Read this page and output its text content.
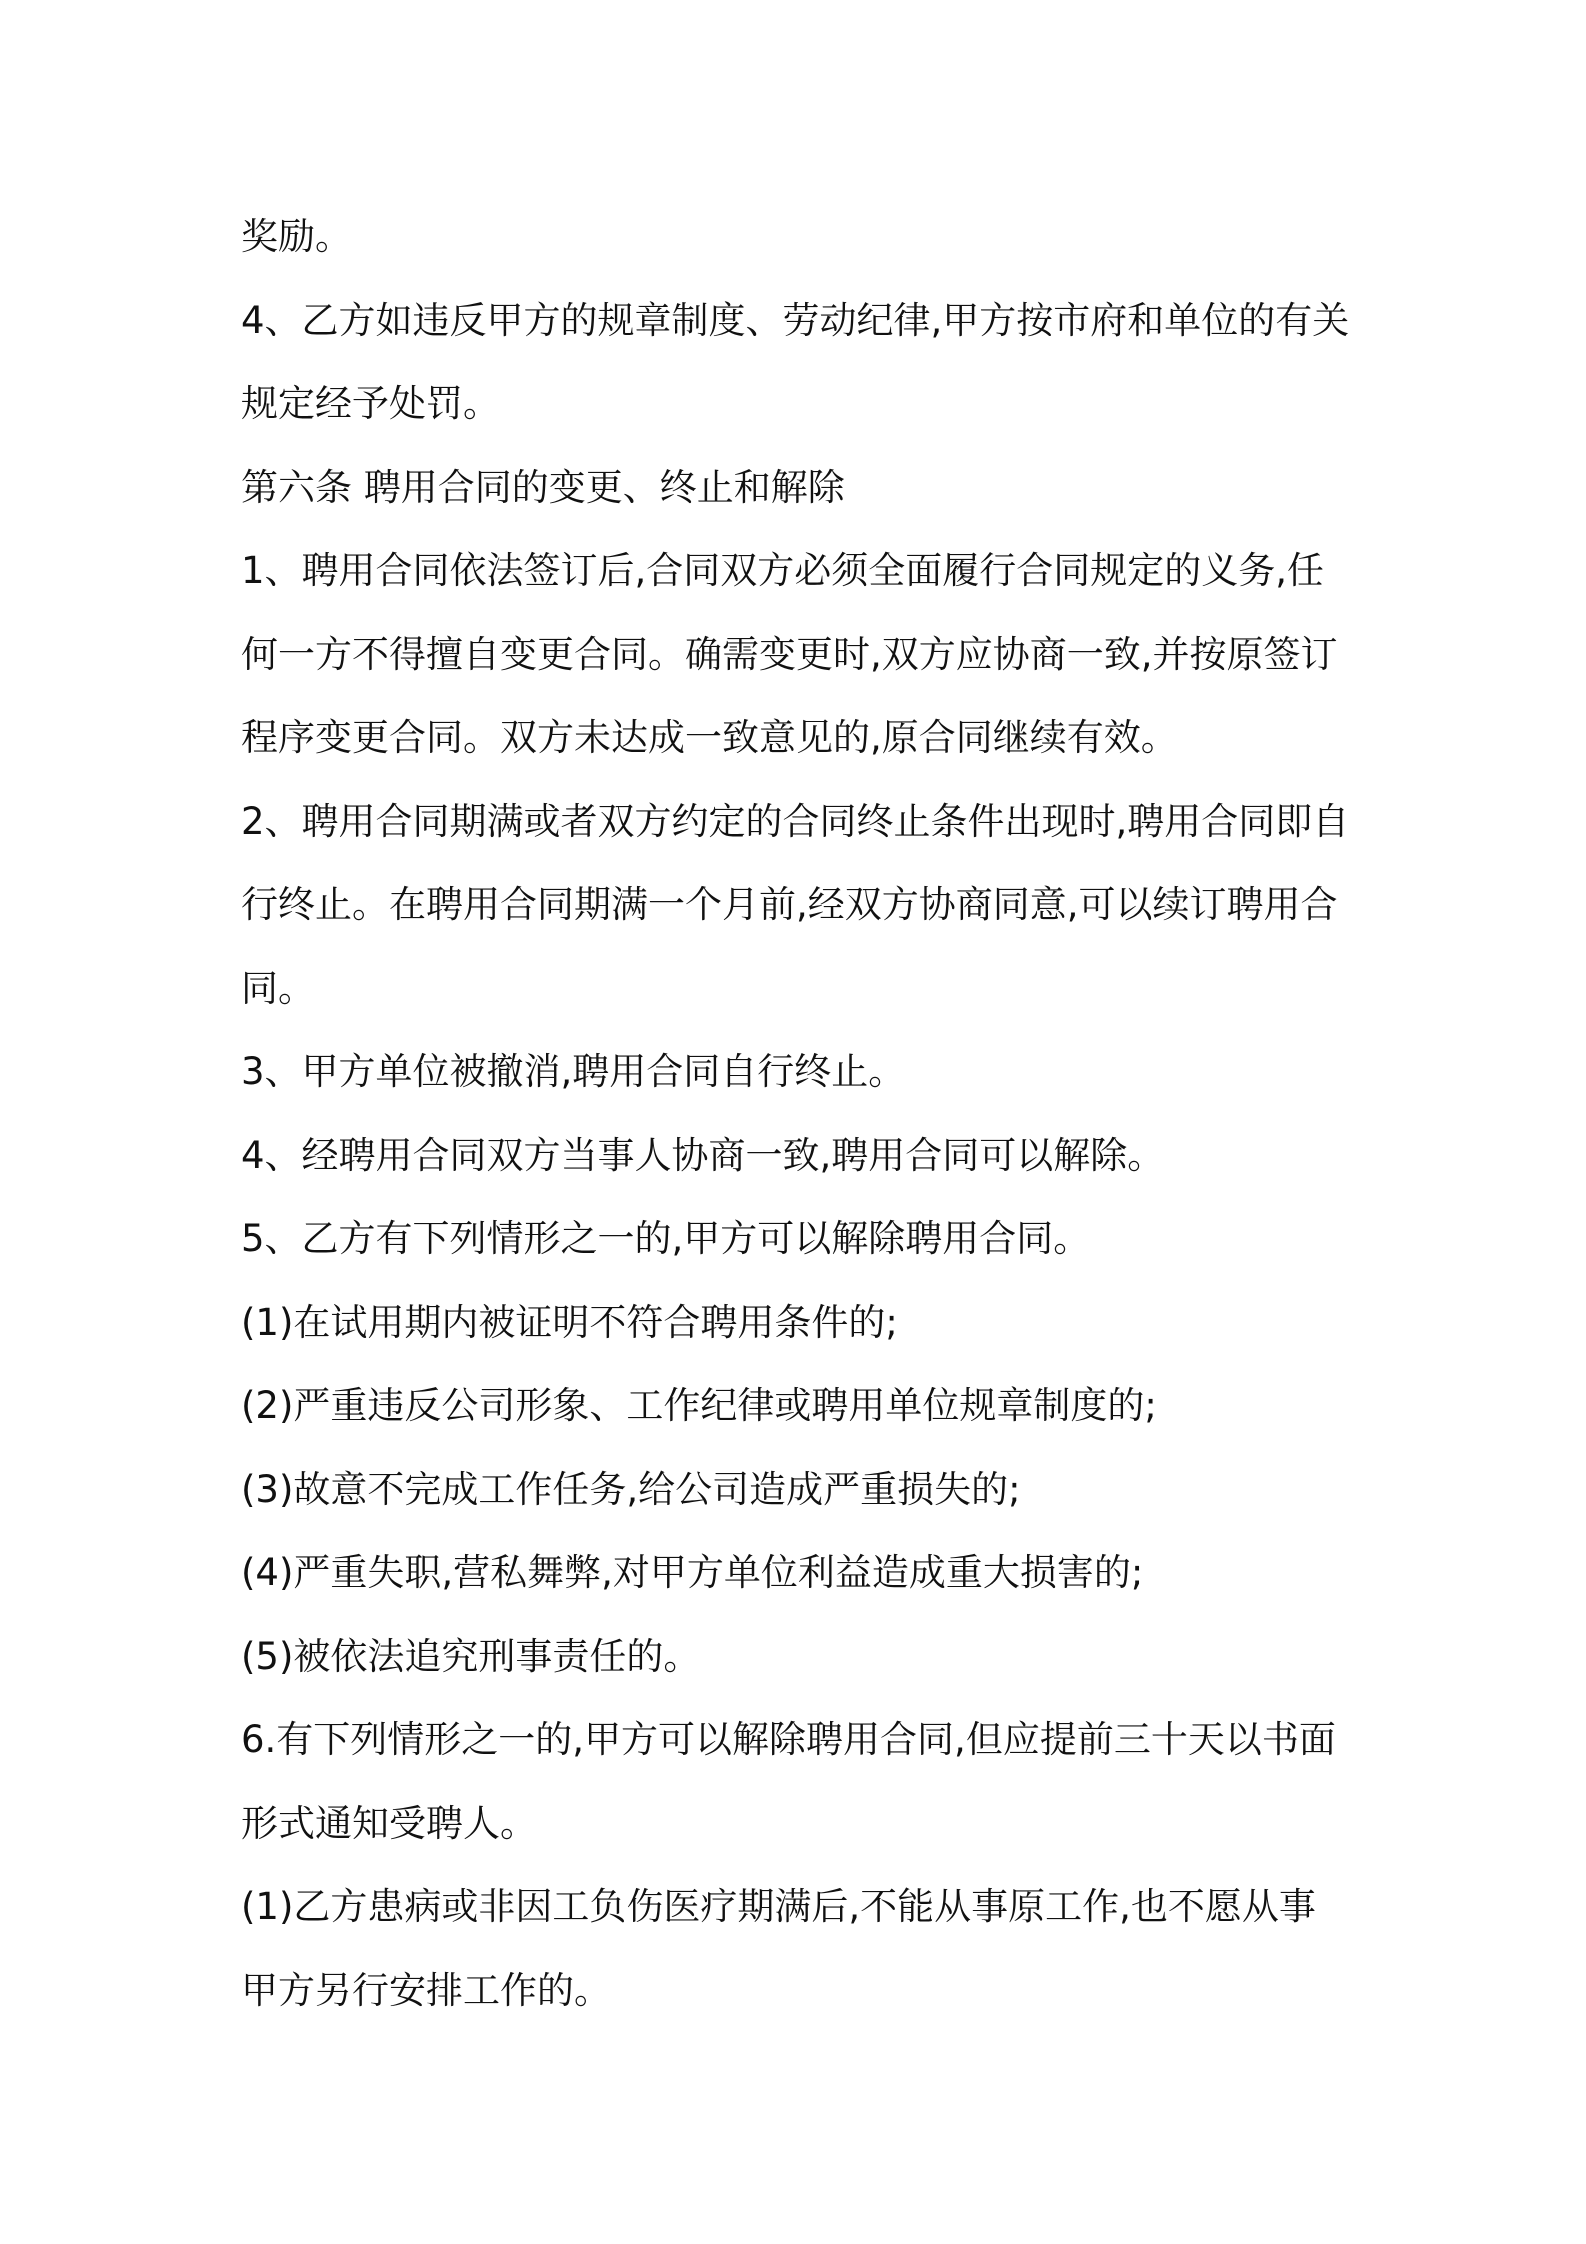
奖励。

4、乙方如违反甲方的规章制度、劳动纪律,甲方按市府和单位的有关
规定经予处罚。

第六条 聘用合同的变更、终止和解除

1、聘用合同依法签订后,合同双方必须全面履行合同规定的义务,任
何一方不得擅自变更合同。确需变更时,双方应协商一致,并按原签订
程序变更合同。双方未达成一致意见的,原合同继续有效。

2、聘用合同期满或者双方约定的合同终止条件出现时,聘用合同即自
行终止。在聘用合同期满一个月前,经双方协商同意,可以续订聘用合
同。

3、甲方单位被撤消,聘用合同自行终止。

4、经聘用合同双方当事人协商一致,聘用合同可以解除。

5、乙方有下列情形之一的,甲方可以解除聘用合同。

(1)在试用期内被证明不符合聘用条件的;

(2)严重违反公司形象、工作纪律或聘用单位规章制度的;

(3)故意不完成工作任务,给公司造成严重损失的;

(4)严重失职,营私舞弊,对甲方单位利益造成重大损害的;

(5)被依法追究刑事责任的。

6.有下列情形之一的,甲方可以解除聘用合同,但应提前三十天以书面
形式通知受聘人。

(1)乙方患病或非因工负伤医疗期满后,不能从事原工作,也不愿从事
甲方另行安排工作的。
